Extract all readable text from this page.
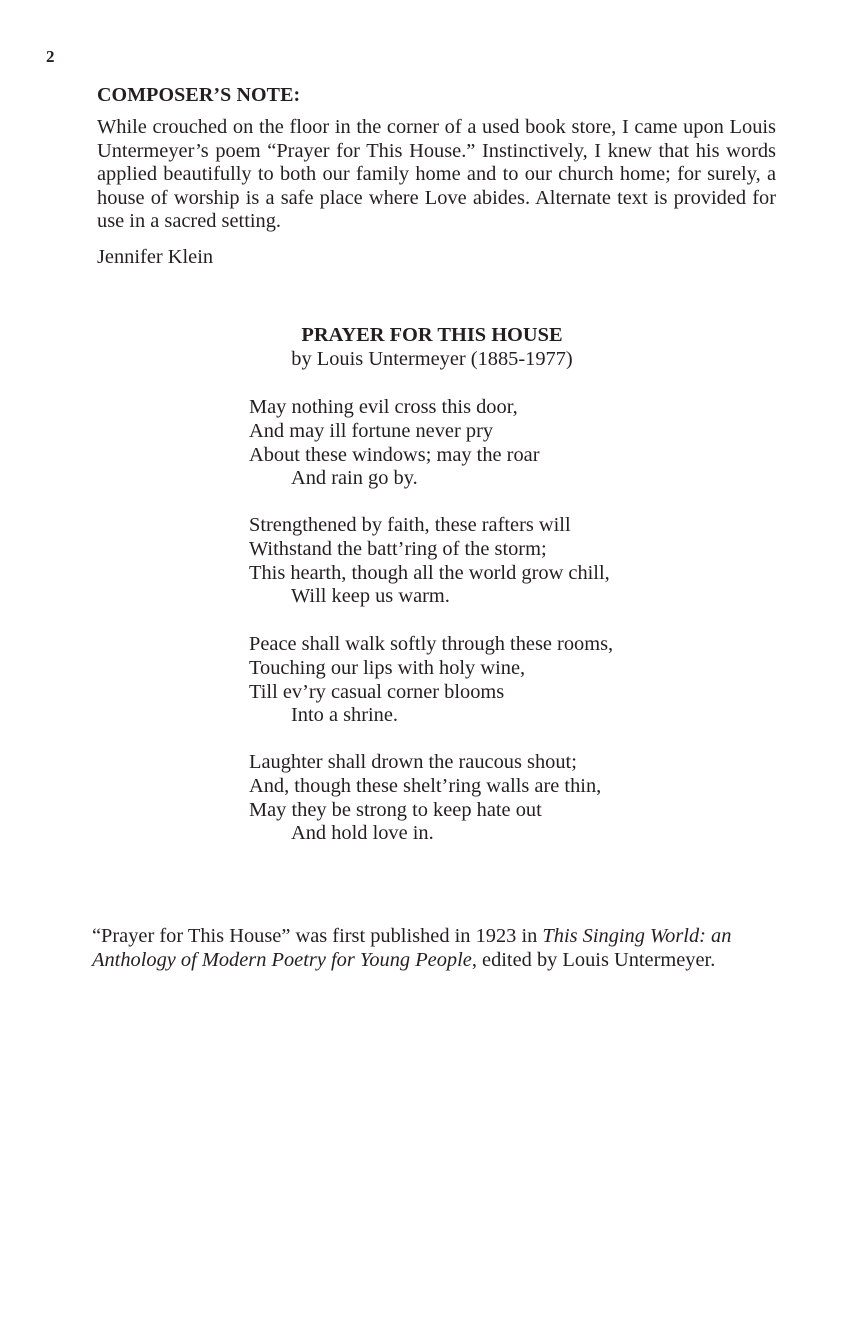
2
COMPOSER’S NOTE:
While crouched on the floor in the corner of a used book store, I came upon Louis Untermeyer’s poem “Prayer for This House.” Instinctively, I knew that his words applied beautifully to both our family home and to our church home; for surely, a house of worship is a safe place where Love abides. Alternate text is provided for use in a sacred setting.
Jennifer Klein
PRAYER FOR THIS HOUSE
by Louis Untermeyer (1885-1977)
May nothing evil cross this door,
And may ill fortune never pry
About these windows; may the roar
And rain go by.
Strengthened by faith, these rafters will
Withstand the batt’ring of the storm;
This hearth, though all the world grow chill,
Will keep us warm.
Peace shall walk softly through these rooms,
Touching our lips with holy wine,
Till ev’ry casual corner blooms
Into a shrine.
Laughter shall drown the raucous shout;
And, though these shelt’ring walls are thin,
May they be strong to keep hate out
And hold love in.
“Prayer for This House” was first published in 1923 in This Singing World: an Anthology of Modern Poetry for Young People, edited by Louis Untermeyer.
